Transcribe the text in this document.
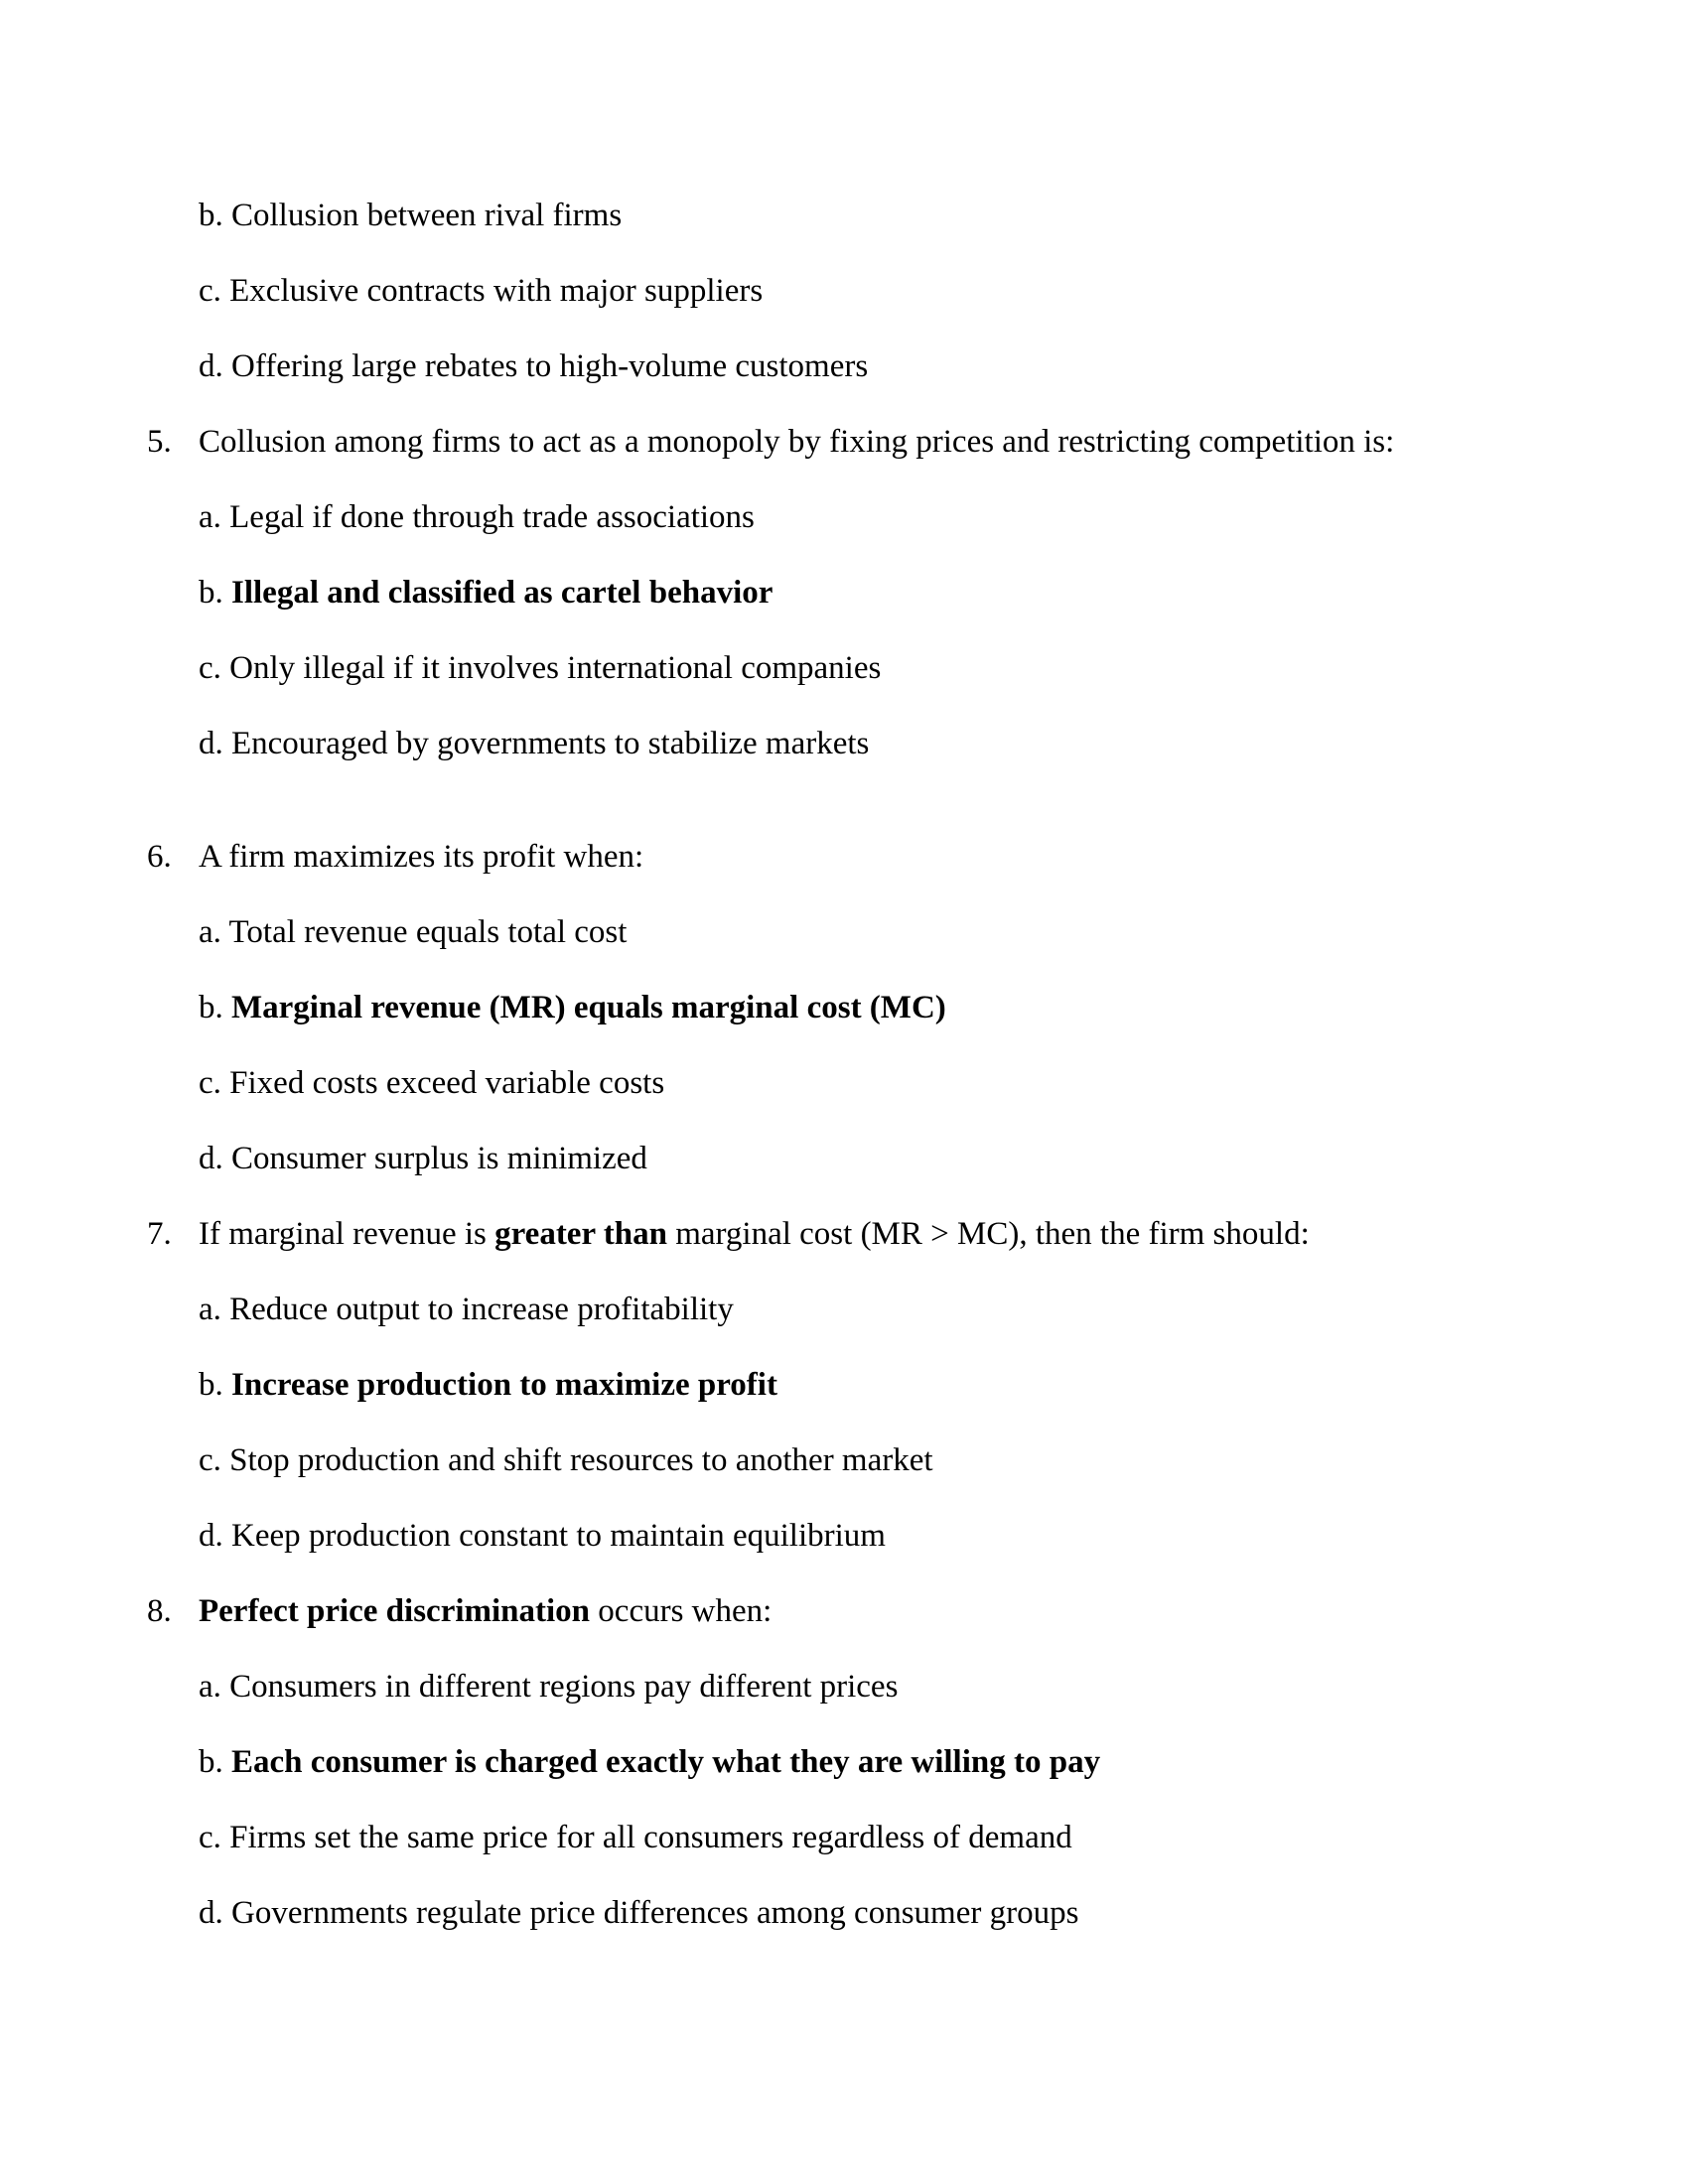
b. Collusion between rival firms
c. Exclusive contracts with major suppliers
d. Offering large rebates to high-volume customers
5. Collusion among firms to act as a monopoly by fixing prices and restricting competition is:
a. Legal if done through trade associations
b. Illegal and classified as cartel behavior
c. Only illegal if it involves international companies
d. Encouraged by governments to stabilize markets
6. A firm maximizes its profit when:
a. Total revenue equals total cost
b. Marginal revenue (MR) equals marginal cost (MC)
c. Fixed costs exceed variable costs
d. Consumer surplus is minimized
7. If marginal revenue is greater than marginal cost (MR > MC), then the firm should:
a. Reduce output to increase profitability
b. Increase production to maximize profit
c. Stop production and shift resources to another market
d. Keep production constant to maintain equilibrium
8. Perfect price discrimination occurs when:
a. Consumers in different regions pay different prices
b. Each consumer is charged exactly what they are willing to pay
c. Firms set the same price for all consumers regardless of demand
d. Governments regulate price differences among consumer groups
